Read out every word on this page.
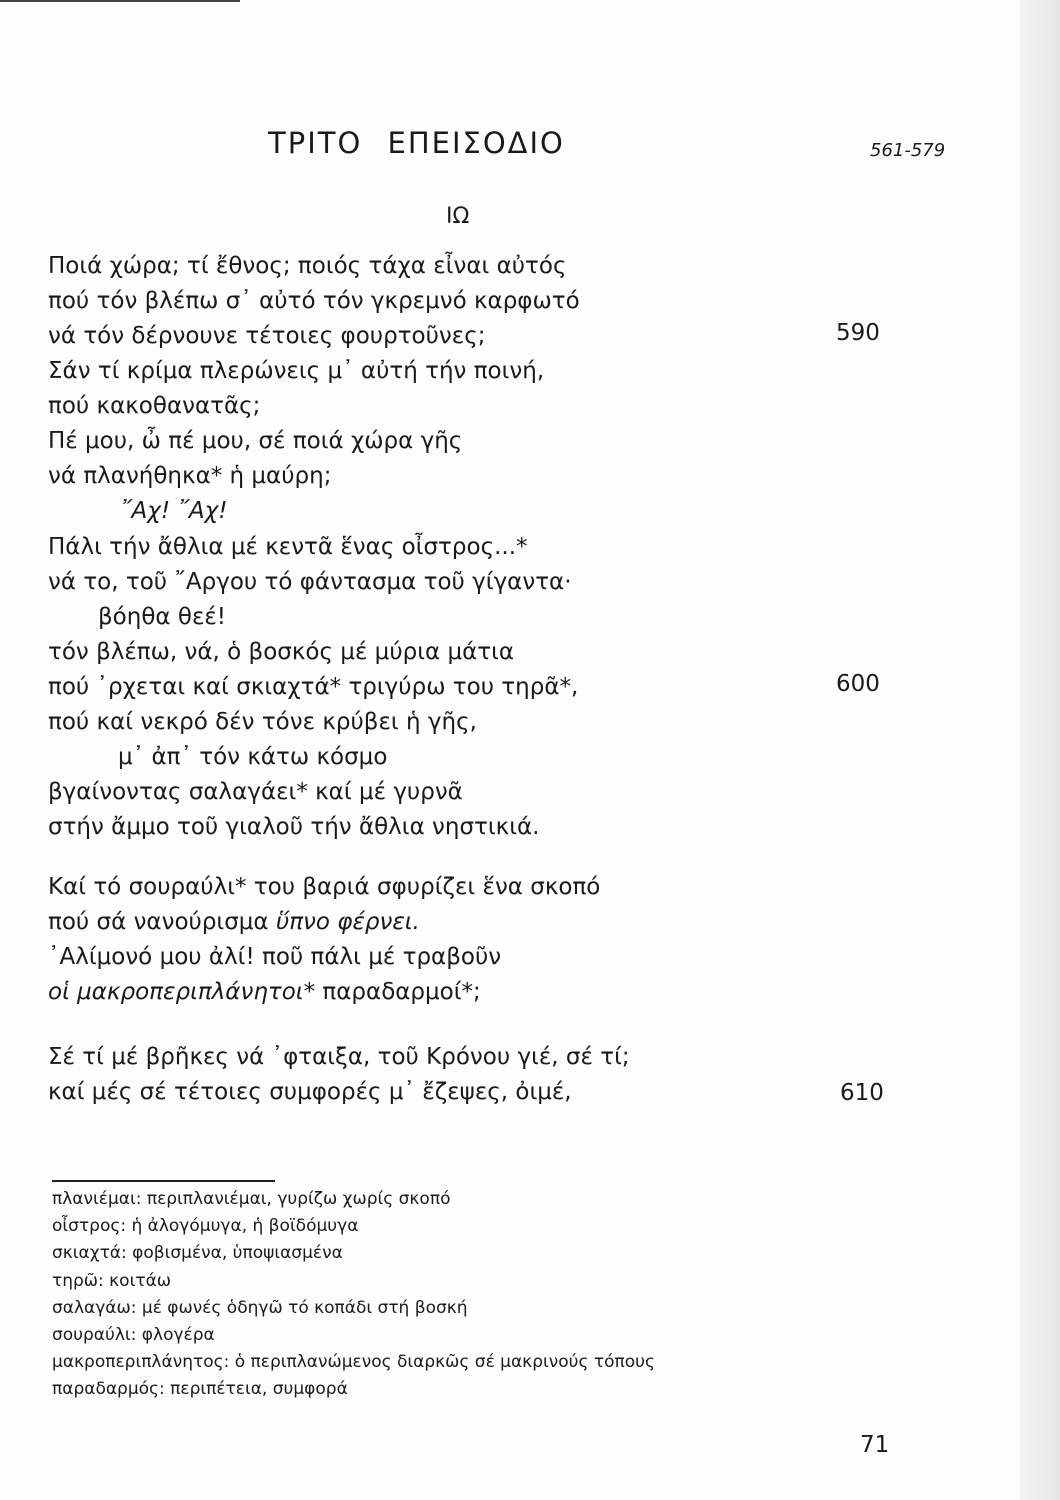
ΤΡΙΤΟ ΕΠΕΙΣΟΔΙΟ	561-579
ΙΩ
Ποιά χώρα; τί ἔθνος; ποιός τάχα εἶναι αὐτός
πού τόν βλέπω σ᾽ αὐτό τόν γκρεμνό καρφωτό
νά τόν δέρνουνε τέτοιες φουρτοῦνες;
Σάν τί κρίμα πλερώνεις μ᾽ αὐτή τήν ποινή,
πού κακοθανατᾶς;
Πέ μου, ὦ πέ μου, σέ ποιά χώρα γῆς
νά πλανήθηκα* ἡ μαύρη;
῎Αχ! ῎Αχ!
Πάλι τήν ἄθλια μέ κεντᾶ ἕνας οἶστρος...*
νά το, τοῦ ῎Αργου τό φάντασμα τοῦ γίγαντα·
βόηθα θεέ!
τόν βλέπω, νά, ὁ βοσκός μέ μύρια μάτια
πού ᾽ρχεται καί σκιαχτά* τριγύρω του τηρᾶ*,
πού καί νεκρό δέν τόνε κρύβει ἡ γῆς,
μ᾽ ἀπ᾽ τόν κάτω κόσμο
βγαίνοντας σαλαγάει* καί μέ γυρνᾶ
στήν ἄμμο τοῦ γιαλοῦ τήν ἄθλια νηστικιά.
Καί τό σουραύλι* του βαριά σφυρίζει ἕνα σκοπό
πού σά νανούρισμα ὕπνο φέρνει.
᾽Αλίμονό μου ἀλί! ποῦ πάλι μέ τραβοῦν
οἱ μακροπεριπλάνητοι* παραδαρμοί*;
Σέ τί μέ βρῆκες νά ᾽φταιξα, τοῦ Κρόνου γιέ, σέ τί;
καί μές σέ τέτοιες συμφορές μ᾽ ἔζεψες, ὀιμέ,
590
600
610
πλανιέμαι: περιπλανιέμαι, γυρίζω χωρίς σκοπό
οἶστρος: ἡ ἀλογόμυγα, ἡ βοϊδόμυγα
σκιαχτά: φοβισμένα, ὑποψιασμένα
τηρῶ: κοιτάω
σαλαγάω: μέ φωνές ὁδηγῶ τό κοπάδι στή βοσκή
σουραύλι: φλογέρα
μακροπεριπλάνητος: ὁ περιπλανώμενος διαρκῶς σέ μακρινούς τόπους
παραδαρμός: περιπέτεια, συμφορά
71
